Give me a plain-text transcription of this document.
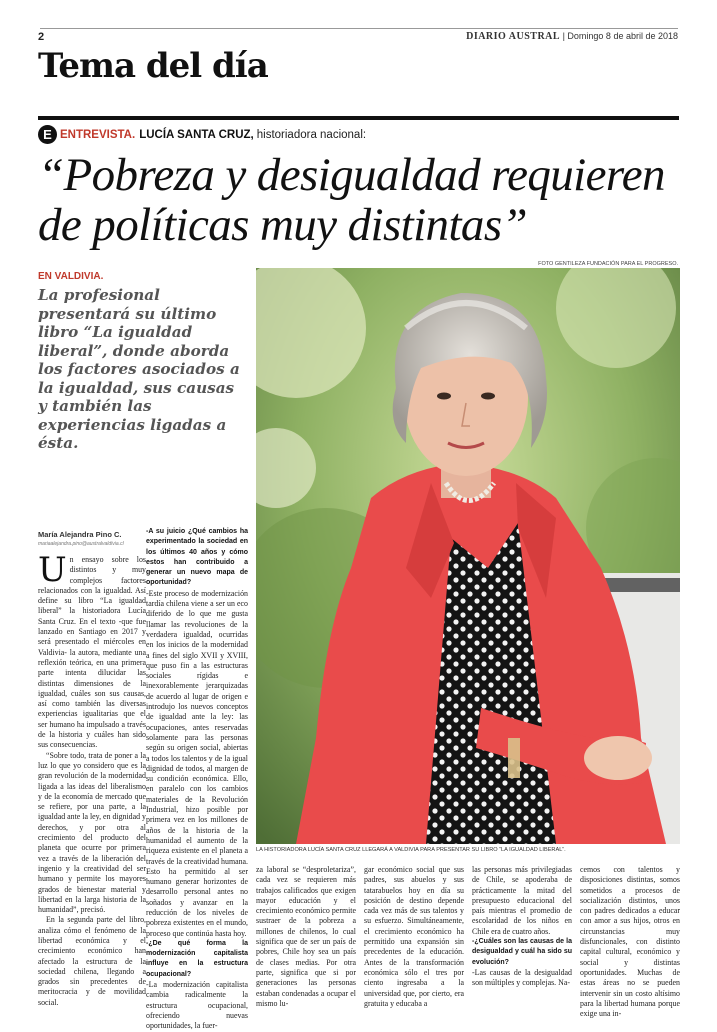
2	DIARIO AUSTRAL | Domingo 8 de abril de 2018
Tema del día
E ENTREVISTA. LUCÍA SANTA CRUZ, historiadora nacional:
“Pobreza y desigualdad requieren de políticas muy distintas”
FOTO GENTILEZA FUNDACIÓN PARA EL PROGRESO.
EN VALDIVIA.
La profesional presentará su último libro “La igualdad liberal”, donde aborda los factores asociados a la igualdad, sus causas y también las experiencias ligadas a ésta.
LA HISTORIADORA LUCÍA SANTA CRUZ LLEGARÁ A VALDIVIA PARA PRESENTAR SU LIBRO “LA IGUALDAD LIBERAL”.
María Alejandra Pino C.
mariaalejandra.pino@australvaldivia.cl

Un ensayo sobre los distintos y muy complejos factores relacionados con la igualdad. Así define su libro “La igualdad liberal” la historiadora Lucía Santa Cruz. En el texto -que fue lanzado en Santiago en 2017 y será presentado el miércoles en Valdivia- la autora, mediante una reflexión teórica, en una primera parte intenta dilucidar las distintas dimensiones de la igualdad, cuáles son sus causas, así como también las diversas experiencias igualitarias que el ser humano ha impulsado a través de la historia y cuáles han sido sus consecuencias.

“Sobre todo, trata de poner a la luz lo que yo considero que es la gran revolución de la modernidad ligada a las ideas del liberalismo y de la economía de mercado que se refiere, por una parte, a la igualdad ante la ley, en dignidad y derechos, y por otra al crecimiento del producto del planeta que ocurre por primera vez a través de la liberación del ingenio y la creatividad del ser humano y permite los mayores grados de bienestar material y libertad en la larga historia de la humanidad”, precisó.

En la segunda parte del libro, analiza cómo el fenómeno de la libertad económica y el crecimiento económico han afectado la estructura de la sociedad chilena, llegando a grados sin precedentes de meritocracia y de movilidad social.

-A su juicio ¿Qué cambios ha experimentado la sociedad en los últimos 40 años y cómo estos han contribuido a generar un nuevo mapa de oportunidad?

-Este proceso de modernización tardía chilena viene a ser un eco diferido de lo que me gusta llamar las revoluciones de la verdadera igualdad, ocurridas en los inicios de la modernidad a fines del siglo XVII y XVIII, que puso fin a las estructuras sociales rígidas e inexorablemente jerarquizadas de acuerdo al lugar de origen e introdujo los nuevos conceptos de igualdad ante la ley: las ocupaciones, antes reservadas solamente para las personas según su origen social, abiertas a todos los talentos y de la igual dignidad de todos, al margen de su condición económica. Ello, en paralelo con los cambios materiales de la Revolución Industrial, hizo posible por primera vez en los millones de años de la historia de la humanidad el aumento de la riqueza existente en el planeta a través de la creatividad humana. Esto ha permitido al ser humano generar horizontes de desarrollo personal antes no soñados y avanzar en la reducción de los niveles de pobreza existentes en el mundo, proceso que continúa hasta hoy.

-¿De qué forma la modernización capitalista influye en la estructura ocupacional?

-La modernización capitalista cambia radicalmente la estructura ocupacional, ofreciendo nuevas oportunidades, la fuer-

za laboral se “desproletariza”, cada vez se requieren más trabajos calificados que exigen mayor educación y el crecimiento económico permite sustraer de la pobreza a millones de chilenos, lo cual significa que de ser un país de pobres, Chile hoy sea un país de clases medias. Por otra parte, significa que si por generaciones las personas estaban condenadas a ocupar el mismo lu-

gar económico social que sus padres, sus abuelos y sus tatarabuelos hoy en día su posición de destino depende cada vez más de sus talentos y su esfuerzo. Simultáneamente, el crecimiento económico ha permitido una expansión sin precedentes de la educación. Antes de la transformación económica sólo el tres por ciento ingresaba a la universidad que, por cierto, era gratuita y educaba a

las personas más privilegiadas de Chile, se apoderaba de prácticamente la mitad del presupuesto educacional del país mientras el promedio de escolaridad de los niños en Chile era de cuatro años.

-¿Cuáles son las causas de la desigualdad y cuál ha sido su evolución?

-Las causas de la desigualdad son múltiples y complejas. Na-

cemos con talentos y disposiciones distintas, somos sometidos a procesos de socialización distintos, unos con padres dedicados a educar con amor a sus hijos, otros en circunstancias muy disfuncionales, con distinto capital cultural, económico y social y distintas oportunidades. Muchas de estas áreas no se pueden intervenir sin un costo altísimo para la libertad humana porque exige una in-
